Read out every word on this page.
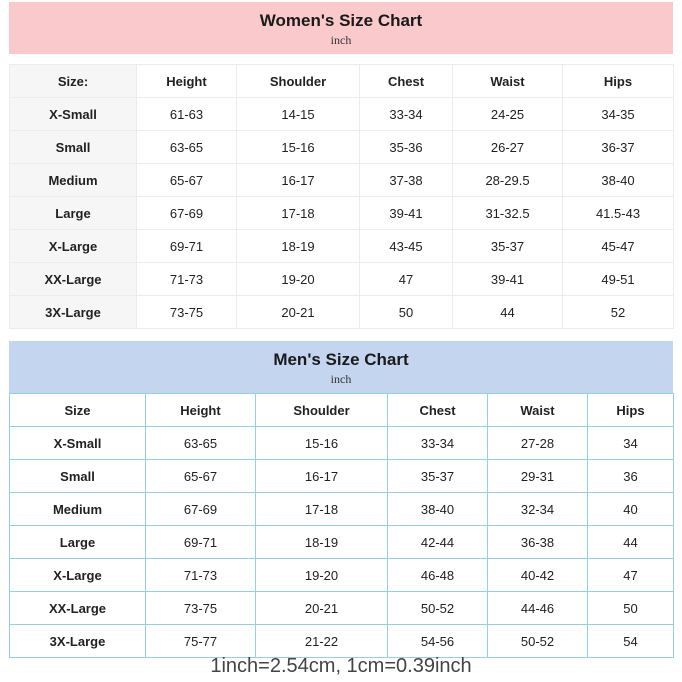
Women's Size Chart
inch
Size:	Height	Shoulder	Chest	Waist	Hips
X-Small	61-63	14-15	33-34	24-25	34-35
Small	63-65	15-16	35-36	26-27	36-37
Medium	65-67	16-17	37-38	28-29.5	38-40
Large	67-69	17-18	39-41	31-32.5	41.5-43
X-Large	69-71	18-19	43-45	35-37	45-47
XX-Large	71-73	19-20	47	39-41	49-51
3X-Large	73-75	20-21	50	44	52
Men's Size Chart
inch
Size	Height	Shoulder	Chest	Waist	Hips
X-Small	63-65	15-16	33-34	27-28	34
Small	65-67	16-17	35-37	29-31	36
Medium	67-69	17-18	38-40	32-34	40
Large	69-71	18-19	42-44	36-38	44
X-Large	71-73	19-20	46-48	40-42	47
XX-Large	73-75	20-21	50-52	44-46	50
3X-Large	75-77	21-22	54-56	50-52	54
1inch=2.54cm, 1cm=0.39inch
